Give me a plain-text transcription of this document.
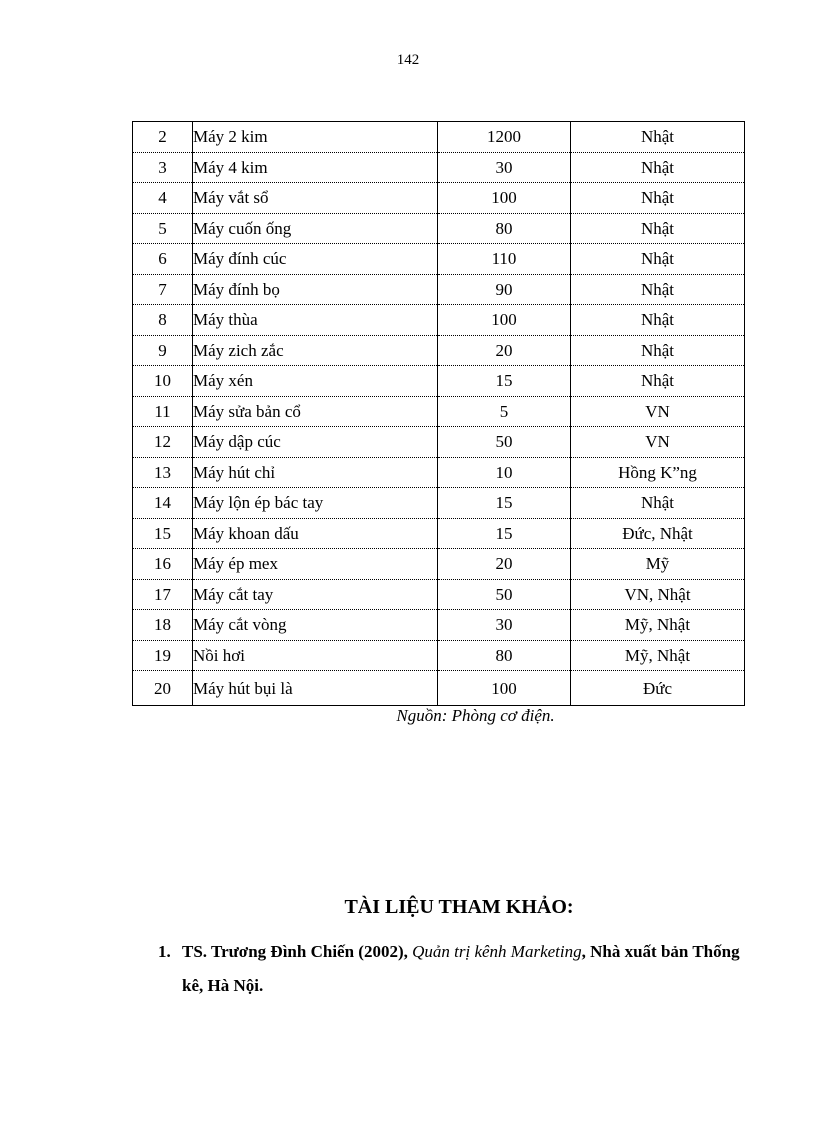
142
2	Máy 2 kim	1200	Nhật
3	Máy 4 kim	30	Nhật
4	Máy vắt sổ	100	Nhật
5	Máy cuốn ống	80	Nhật
6	Máy đính cúc	110	Nhật
7	Máy đính bọ	90	Nhật
8	Máy thùa	100	Nhật
9	Máy zich zắc	20	Nhật
10	Máy xén	15	Nhật
11	Máy sửa bản cổ	5	VN
12	Máy dập cúc	50	VN
13	Máy hút chỉ	10	Hồng K”ng
14	Máy lộn ép bác tay	15	Nhật
15	Máy khoan dấu	15	Đức, Nhật
16	Máy ép mex	20	Mỹ
17	Máy cắt tay	50	VN, Nhật
18	Máy cắt vòng	30	Mỹ, Nhật
19	Nồi hơi	80	Mỹ, Nhật
20	Máy hút bụi là	100	Đức
Nguồn: Phòng cơ điện.
TÀI LIỆU THAM KHẢO:
1. TS. Trương Đình Chiến (2002), Quản trị kênh Marketing, Nhà xuất bản Thống kê, Hà Nội.
